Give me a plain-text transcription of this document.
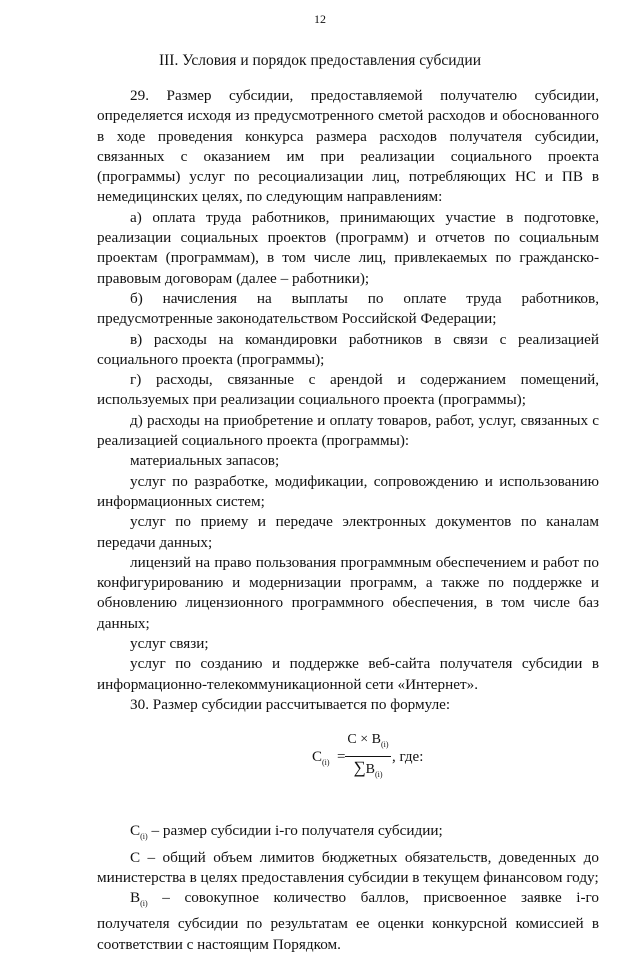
12
III. Условия и порядок предоставления субсидии

29. Размер субсидии, предоставляемой получателю субсидии, определяется исходя из предусмотренного сметой расходов и обоснованного в ходе проведения конкурса размера расходов получателя субсидии, связанных с оказанием им при реализации социального проекта (программы) услуг по ресоциализации лиц, потребляющих НС и ПВ в немедицинских целях, по следующим направлениям:

а) оплата труда работников, принимающих участие в подготовке, реализации социальных проектов (программ) и отчетов по социальным проектам (программам), в том числе лиц, привлекаемых по гражданско-правовым договорам (далее – работники);

б) начисления на выплаты по оплате труда работников, предусмотренные законодательством Российской Федерации;

в) расходы на командировки работников в связи с реализацией социального проекта (программы);

г) расходы, связанные с арендой и содержанием помещений, используемых при реализации социального проекта (программы);

д) расходы на приобретение и оплату товаров, работ, услуг, связанных с реализацией социального проекта (программы):

материальных запасов;

услуг по разработке, модификации, сопровождению и использованию информационных систем;

услуг по приему и передаче электронных документов по каналам передачи данных;

лицензий на право пользования программным обеспечением и работ по конфигурированию и модернизации программ, а также по поддержке и обновлению лицензионного программного обеспечения, в том числе баз данных;

услуг связи;

услуг по созданию и поддержке веб-сайта получателя субсидии в информационно-телекоммуникационной сети «Интернет».

30. Размер субсидии рассчитывается по формуле:

$С_{(i)}$ =
$С \times В_{(i)}$
$\sum В_{(i)}$
, где:

$С_{(i)}$ – размер субсидии i-го получателя субсидии;

С – общий объем лимитов бюджетных обязательств, доведенных до министерства в целях предоставления субсидии в текущем финансовом году;

$В_{(i)}$ – совокупное количество баллов, присвоенное заявке i-го получателя субсидии по результатам ее оценки конкурсной комиссией в соответствии с настоящим Порядком.
